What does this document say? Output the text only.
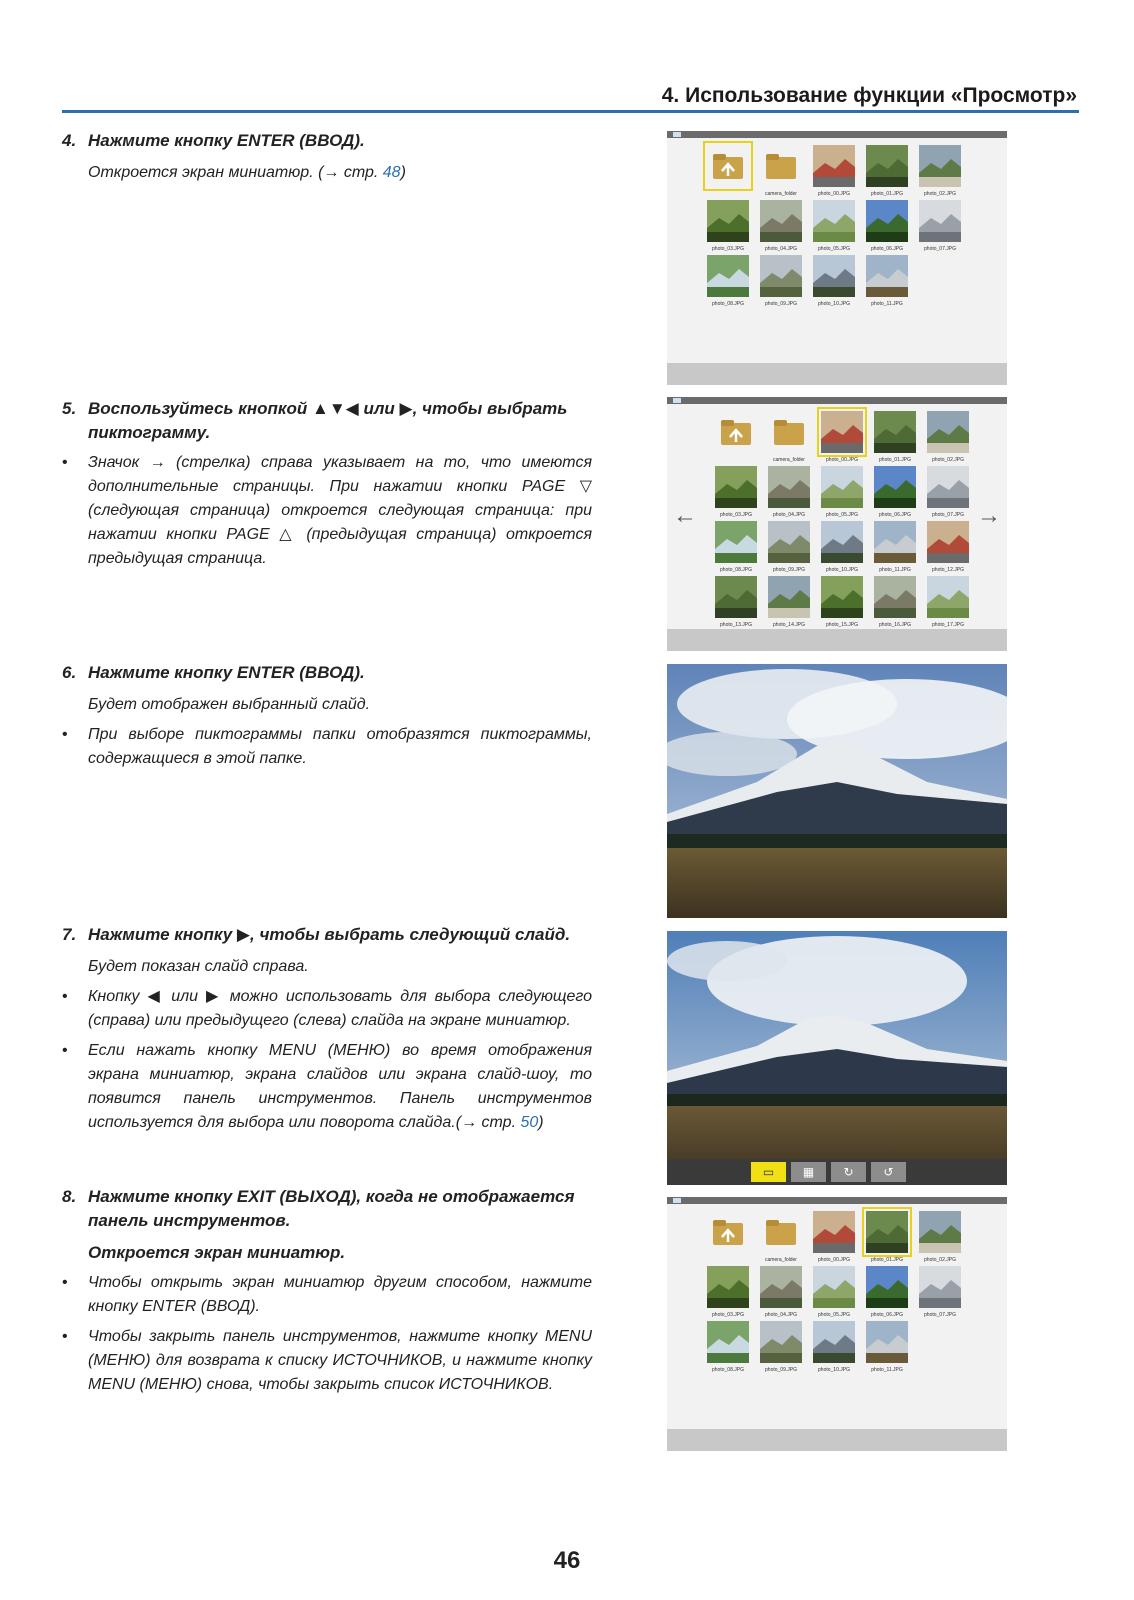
4. Использование функции «Просмотр»
4. Нажмите кнопку ENTER (ВВОД).
Откроется экран миниатюр. (→ стр. 48)
5. Воспользуйтесь кнопкой ▲▼◀ или ▶, чтобы выбрать пиктограмму.
•	Значок → (стрелка) справа указывает на то, что имеются дополнительные страницы. При нажатии кнопки PAGE ▽ (следующая страница) откроется следующая страница: при нажатии кнопки PAGE △ (предыдущая страница) откроется предыдущая страница.
6. Нажмите кнопку ENTER (ВВОД).
Будет отображен выбранный слайд.
•	При выборе пиктограммы папки отобразятся пиктограммы, содержащиеся в этой папке.
7. Нажмите кнопку ▶, чтобы выбрать следующий слайд.
Будет показан слайд справа.
•	Кнопку ◀ или ▶ можно использовать для выбора следующего (справа) или предыдущего (слева) слайда на экране миниатюр.
•	Если нажать кнопку MENU (МЕНЮ) во время отображения экрана миниатюр, экрана слайдов или экрана слайд-шоу, то появится панель инструментов. Панель инструментов используется для выбора или поворота слайда.(→ стр. 50)
8. Нажмите кнопку EXIT (ВЫХОД), когда не отображается панель инструментов.
Откроется экран миниатюр.
•	Чтобы открыть экран миниатюр другим способом, нажмите кнопку ENTER (ВВОД).
•	Чтобы закрыть панель инструментов, нажмите кнопку MENU (МЕНЮ) для возврата к списку ИСТОЧНИКОВ, и нажмите кнопку MENU (МЕНЮ) снова, чтобы закрыть список ИСТОЧНИКОВ.
camera_folder	photo_00.JPG	photo_01.JPG	photo_02.JPG
photo_03.JPG	photo_04.JPG	photo_05.JPG	photo_06.JPG	photo_07.JPG
photo_08.JPG	photo_09.JPG	photo_10.JPG	photo_11.JPG
camera_folder	photo_00.JPG	photo_01.JPG	photo_02.JPG
photo_03.JPG	photo_04.JPG	photo_05.JPG	photo_06.JPG	photo_07.JPG
photo_08.JPG	photo_09.JPG	photo_10.JPG	photo_11.JPG	photo_12.JPG
photo_13.JPG	photo_14.JPG	photo_15.JPG	photo_16.JPG	photo_17.JPG
←	→
▭	▦	↻	↺
camera_folder	photo_00.JPG	photo_01.JPG	photo_02.JPG
photo_03.JPG	photo_04.JPG	photo_05.JPG	photo_06.JPG	photo_07.JPG
photo_08.JPG	photo_09.JPG	photo_10.JPG	photo_11.JPG
46
